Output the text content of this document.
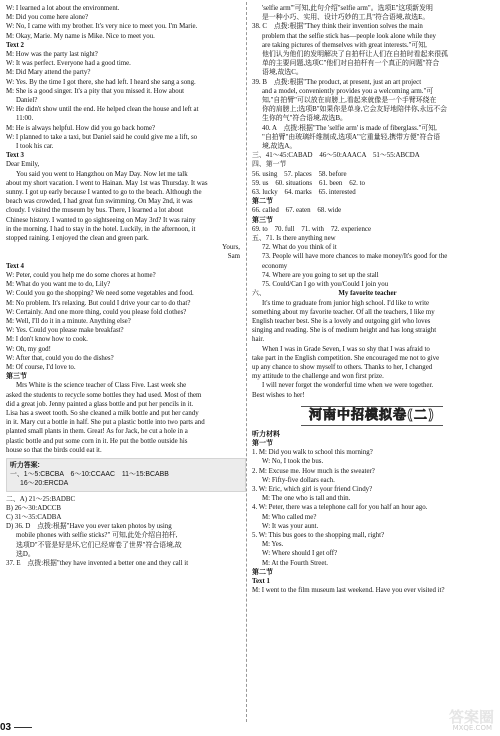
W: I learned a lot about the environment.
M: Did you come here alone?
W: No, I came with my brother. It's very nice to meet you. I'm Marie.
M: Okay, Marie. My name is Mike. Nice to meet you.
Text 2
M: How was the party last night?
W: It was perfect. Everyone had a good time.
M: Did Mary attend the party?
W: Yes. By the time I got there, she had left. I heard she sang a song.
M: She is a good singer. It's a pity that you missed it. How about
Daniel?
W: He didn't show until the end. He helped clean the house and left at
11:00.
M: He is always helpful. How did you go back home?
W: I planned to take a taxi, but Daniel said he could give me a lift, so
I took his car.
Text 3
Dear Emily,
You said you went to Hangzhou on May Day. Now let me talk
about my short vacation. I went to Hainan. May 1st was Thursday. It was
sunny. I got up early because I wanted to go to the beach. Although the
beach was crowded, I had great fun swimming. On May 2nd, it was
cloudy. I visited the museum by bus. There, I learned a lot about
Chinese history. I wanted to go sightseeing on May 3rd? It was rainy
in the morning. I had to stay in the hotel. Luckily, in the afternoon, it
stopped raining. I enjoyed the clean and green park.
Yours,
Sam
Text 4
W: Peter, could you help me do some chores at home?
M: What do you want me to do, Lily?
W: Could you go the shopping? We need some vegetables and food.
M: No problem. It's relaxing. But could I drive your car to do that?
W: Certainly. And one more thing, could you please fold clothes?
M: Well, I'll do it in a minute. Anything else?
W: Yes. Could you please make breakfast?
M: I don't know how to cook.
W: Oh, my god!
W: After that, could you do the dishes?
M: Of course, I'd love to.
第三节
Mrs White is the science teacher of Class Five. Last week she
asked the students to recycle some bottles they had used. Most of them
did a great job. Jenny painted a glass bottle and put her pencils in it.
Lisa has a sweet tooth. So she cleaned a milk bottle and put her candy
in it. Mary cut a bottle in half. She put a plastic bottle into two parts and
planted small plants in them. Great! As for Jack, he cut a hole in a
plastic bottle and put some corn in it. He put the bottle outside his
house so that the birds could eat it.
听力答案:
一、1～5:CBCBA　6～10:CCAAC　11～15:BCABB
16～20:ERCDA
二、A) 21～25:BADBC
B) 26～30:ADCCB
C) 31～35:CADBA
D) 36. D　点拨:根据"Have you ever taken photos by using
mobile phones with selfie sticks?" 可知,此处介绍自拍杆,
选项D"不管是好是坏,它们已经席卷了世界"符合语境,故
选D。
37. E　点拨:根据"they have invented a better one and they call it
'selfie arm'"可知,此句介绍"selfie arm"。选项E"这项新发明
是一种小巧、实用、设计巧妙的工具"符合语境,故选E。
38. C　点拨:根据"They think their invention solves the main
problem that the selfie stick has—people look alone while they
are taking pictures of themselves with great interests."可知,
他们认为他们的发明解决了自拍杆让人们在自拍时看起来很孤
单的主要问题,选项C"他们对自拍杆有一个真正的问题"符合
语境,故选C。
39. B　点拨:根据"The product, at present, just an art project
and a model, conveniently provides you a welcoming arm."可
知,"自拍臂"可以放在肩膀上,看起来就像是一个手臂环绕在
你的肩膀上;选项B"如果你是单身,它会友好地陪伴你,永远不会
生你的气"符合语境,故选B。
40. A　点拨:根据"The 'selfie arm' is made of fiberglass."可知,
"自拍臂"由玻璃纤维制成,选项A"它重量轻,携带方便"符合语
境,故选A。
三、41～45:CABAD　46～50:AAACA　51～55:ABCDA
四、第一节
56. using　57. places　58. before
59. us　60. situations　61. been　62. to
63. lucky　64. marks　65. interested
第二节
66. called　67. eaten　68. wide
第三节
69. to　70. full　71. with　72. experience
五、71. Is there anything new
72. What do you think of it
73. People will have more chances to make money/It's good for the
economy
74. Where are you going to set up the stall
75. Could/Can I go with you/Could I join you
六、	My favorite teacher
It's time to graduate from junior high school. I'd like to write
something about my favorite teacher. Of all the teachers, I like my
English teacher best. She is a lovely and outgoing girl who loves
singing and reading. She is of medium height and has long straight
hair.
When I was in Grade Seven, I was so shy that I was afraid to
take part in the English competition. She encouraged me not to give
up any chance to show myself to others. Thanks to her, I changed
my attitude to the challenge and won first prize.
I will never forget the wonderful time when we were together.
Best wishes to her!
河南中招模拟卷(二)
听力材料
第一节
1. M: Did you walk to school this morning?
W: No, I took the bus.
2. M: Excuse me. How much is the sweater?
W: Fifty-five dollars each.
3. W: Eric, which girl is your friend Cindy?
M: The one who is tall and thin.
4. W: Peter, there was a telephone call for you half an hour ago.
M: Who called me?
W: It was your aunt.
5. W: This bus goes to the shopping mall, right?
M: Yes.
W: Where should I get off?
M: At the Fourth Street.
第二节
Text 1
M: I went to the film museum last weekend. Have you ever visited it?
03
答案圈
MXQE.COM
